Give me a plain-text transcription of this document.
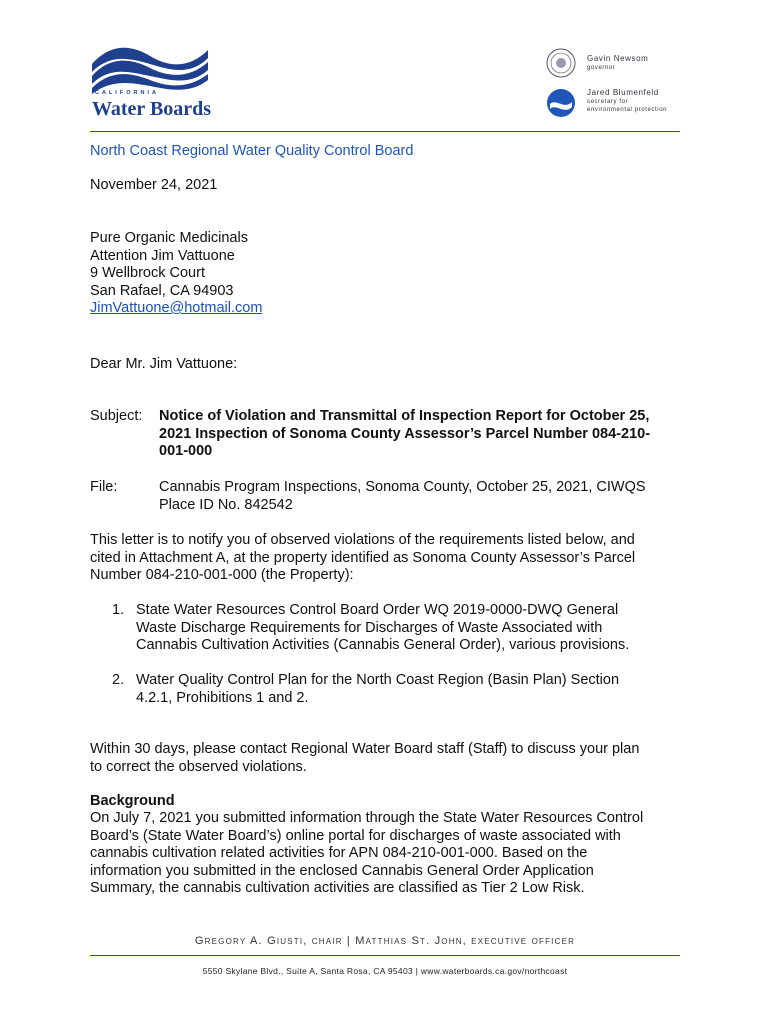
CALIFORNIA
Water Boards
Gavin Newsom
governor
Jared Blumenfeld
secretary for
environmental protection
North Coast Regional Water Quality Control Board
November 24, 2021
Pure Organic Medicinals
Attention Jim Vattuone
9 Wellbrock Court
San Rafael, CA 94903
JimVattuone@hotmail.com
Dear Mr. Jim Vattuone:
Subject: Notice of Violation and Transmittal of Inspection Report for October 25,
2021 Inspection of Sonoma County Assessor’s Parcel Number 084-210-
001-000
File:	Cannabis Program Inspections, Sonoma County, October 25, 2021, CIWQS
Place ID No. 842542
This letter is to notify you of observed violations of the requirements listed below, and
cited in Attachment A, at the property identified as Sonoma County Assessor’s Parcel
Number 084-210-001-000 (the Property):
1. State Water Resources Control Board Order WQ 2019-0000-DWQ General
Waste Discharge Requirements for Discharges of Waste Associated with
Cannabis Cultivation Activities (Cannabis General Order), various provisions.
2. Water Quality Control Plan for the North Coast Region (Basin Plan) Section
4.2.1, Prohibitions 1 and 2.
Within 30 days, please contact Regional Water Board staff (Staff) to discuss your plan
to correct the observed violations.
Background
On July 7, 2021 you submitted information through the State Water Resources Control
Board’s (State Water Board’s) online portal for discharges of waste associated with
cannabis cultivation related activities for APN 084-210-001-000. Based on the
information you submitted in the enclosed Cannabis General Order Application
Summary, the cannabis cultivation activities are classified as Tier 2 Low Risk.
Gregory A. Giusti, chair | Matthias St. John, executive officer
5550 Skylane Blvd., Suite A, Santa Rosa, CA 95403 | www.waterboards.ca.gov/northcoast
